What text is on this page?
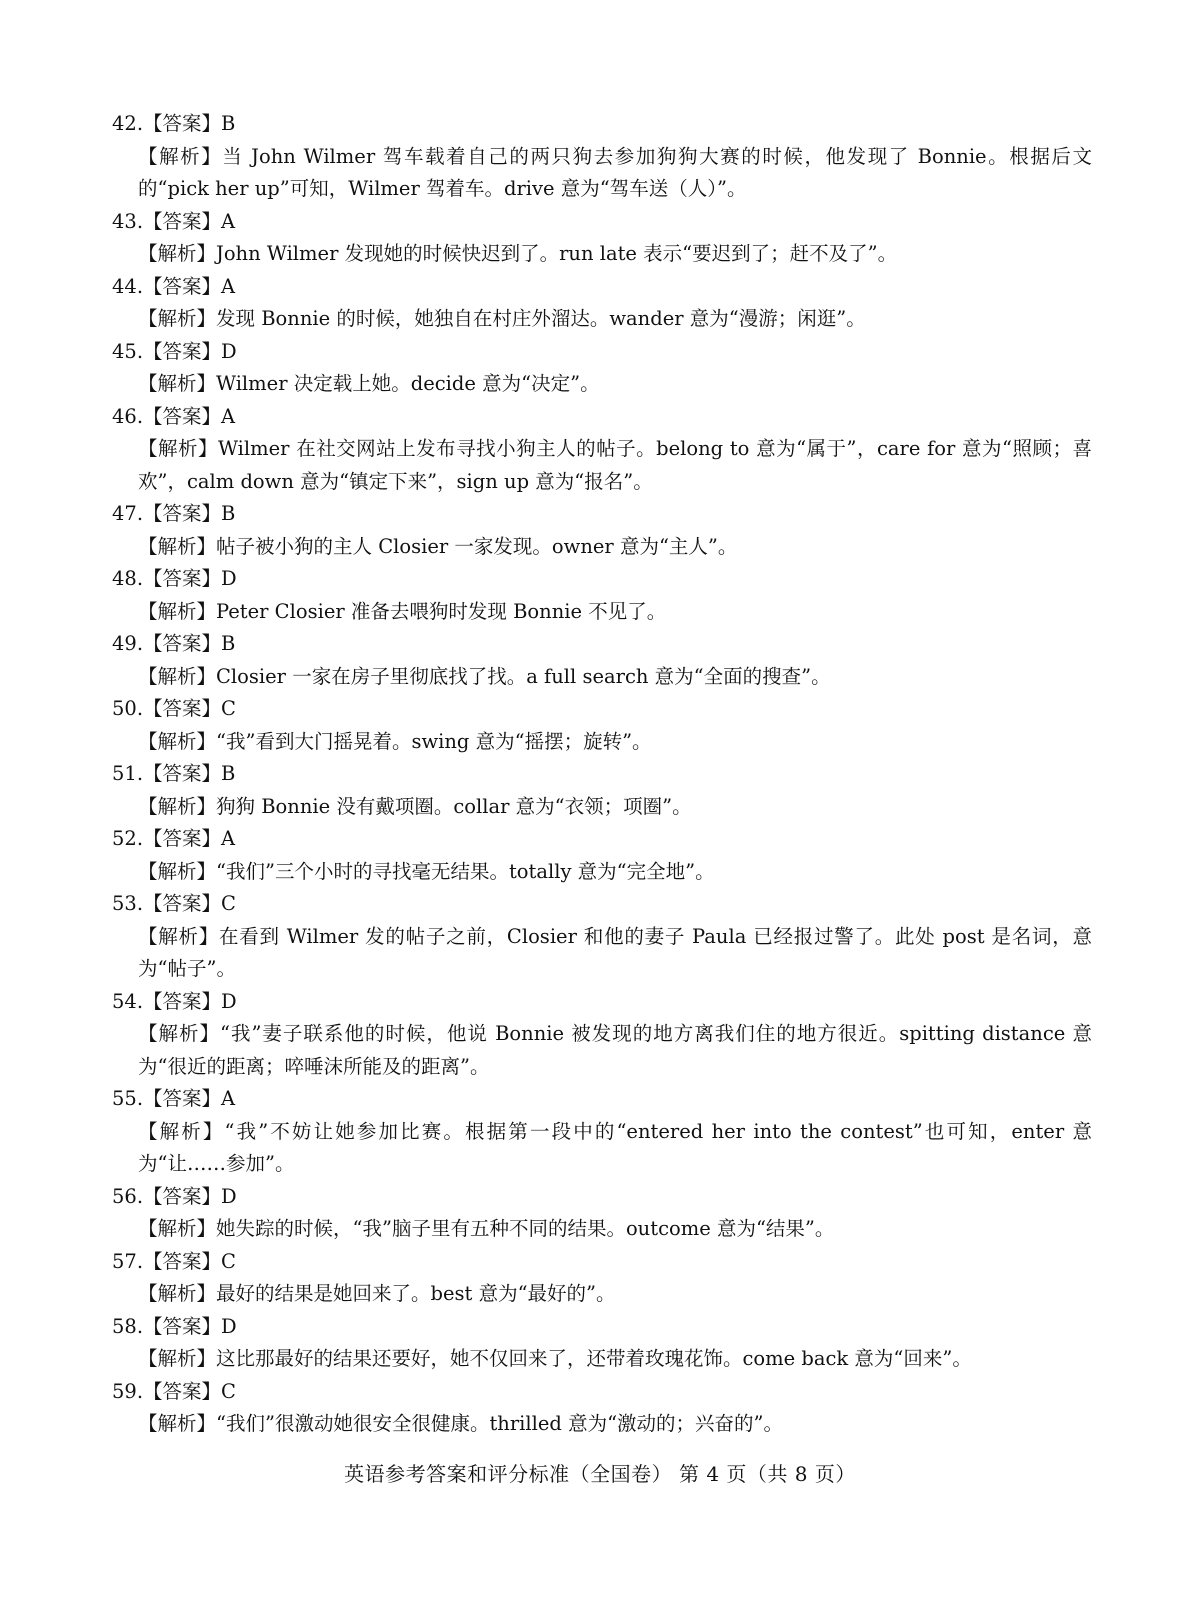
42.【答案】B

【解析】当 John Wilmer 驾车载着自己的两只狗去参加狗狗大赛的时候，他发现了 Bonnie。根据后文的“pick her up”可知，Wilmer 驾着车。drive 意为“驾车送（人）”。

43.【答案】A

【解析】John Wilmer 发现她的时候快迟到了。run late 表示“要迟到了；赶不及了”。

44.【答案】A

【解析】发现 Bonnie 的时候，她独自在村庄外溜达。wander 意为“漫游；闲逛”。

45.【答案】D

【解析】Wilmer 决定载上她。decide 意为“决定”。

46.【答案】A

【解析】Wilmer 在社交网站上发布寻找小狗主人的帖子。belong to 意为“属于”，care for 意为“照顾；喜欢”，calm down 意为“镇定下来”，sign up 意为“报名”。

47.【答案】B

【解析】帖子被小狗的主人 Closier 一家发现。owner 意为“主人”。

48.【答案】D

【解析】Peter Closier 准备去喂狗时发现 Bonnie 不见了。

49.【答案】B

【解析】Closier 一家在房子里彻底找了找。a full search 意为“全面的搜查”。

50.【答案】C

【解析】“我”看到大门摇晃着。swing 意为“摇摆；旋转”。

51.【答案】B

【解析】狗狗 Bonnie 没有戴项圈。collar 意为“衣领；项圈”。

52.【答案】A

【解析】“我们”三个小时的寻找毫无结果。totally 意为“完全地”。

53.【答案】C

【解析】在看到 Wilmer 发的帖子之前，Closier 和他的妻子 Paula 已经报过警了。此处 post 是名词，意为“帖子”。

54.【答案】D

【解析】“我”妻子联系他的时候，他说 Bonnie 被发现的地方离我们住的地方很近。spitting distance 意为“很近的距离；啐唾沫所能及的距离”。

55.【答案】A

【解析】“我”不妨让她参加比赛。根据第一段中的“entered her into the contest”也可知，enter 意为“让……参加”。

56.【答案】D

【解析】她失踪的时候，“我”脑子里有五种不同的结果。outcome 意为“结果”。

57.【答案】C

【解析】最好的结果是她回来了。best 意为“最好的”。

58.【答案】D

【解析】这比那最好的结果还要好，她不仅回来了，还带着玫瑰花饰。come back 意为“回来”。

59.【答案】C

【解析】“我们”很激动她很安全很健康。thrilled 意为“激动的；兴奋的”。

英语参考答案和评分标准（全国卷） 第 4 页（共 8 页）
